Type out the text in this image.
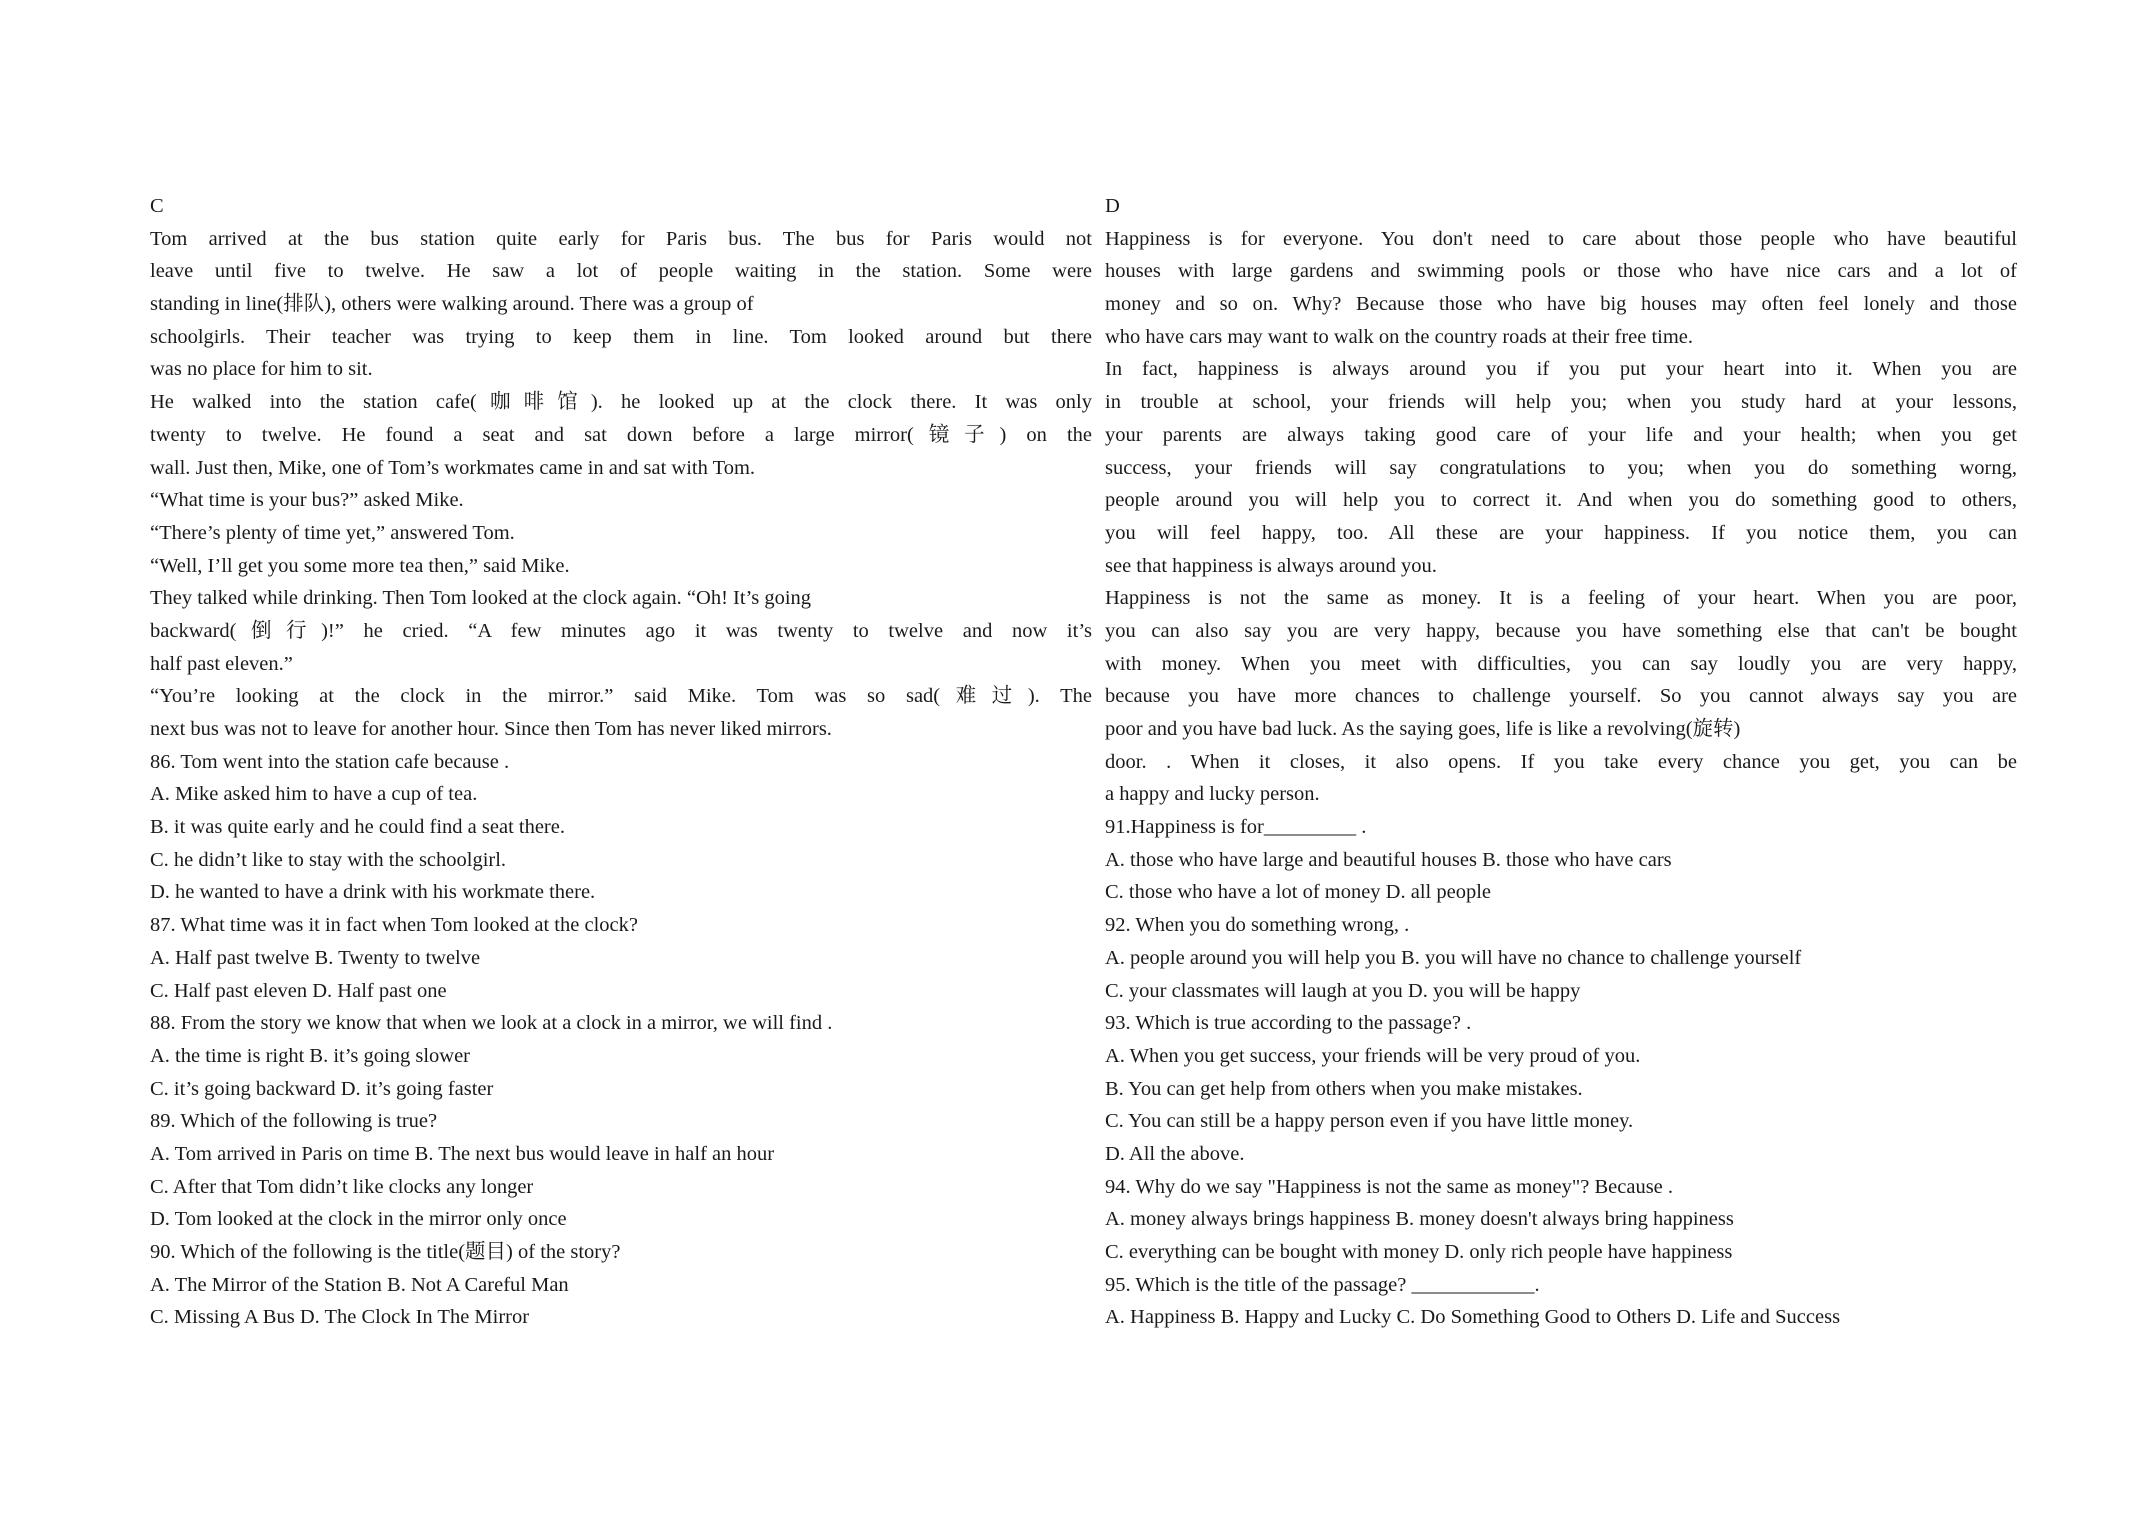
C
Tom arrived at the bus station quite early for Paris bus. The bus for Paris would not
leave until five to twelve. He saw a lot of people waiting in the station. Some were
standing in line(排队), others were walking around. There was a group of
schoolgirls. Their teacher was trying to keep them in line. Tom looked around but there
was no place for him to sit.
He walked into the station cafe(咖啡馆). he looked up at the clock there. It was only
twenty to twelve. He found a seat and sat down before a large mirror(镜子) on the
wall. Just then, Mike, one of Tom’s workmates came in and sat with Tom.
“What time is your bus?” asked Mike.
“There’s plenty of time yet,” answered Tom.
“Well, I’ll get you some more tea then,” said Mike.
They talked while drinking. Then Tom looked at the clock again. “Oh! It’s going
backward(倒行)!” he cried. “A few minutes ago it was twenty to twelve and now it’s
half past eleven.”
“You’re looking at the clock in the mirror.” said Mike. Tom was so sad(难过). The
next bus was not to leave for another hour. Since then Tom has never liked mirrors.
86. Tom went into the station cafe because .
A. Mike asked him to have a cup of tea.
B. it was quite early and he could find a seat there.
C. he didn’t like to stay with the schoolgirl.
D. he wanted to have a drink with his workmate there.
87. What time was it in fact when Tom looked at the clock?
A. Half past twelve B. Twenty to twelve
C. Half past eleven D. Half past one
88. From the story we know that when we look at a clock in a mirror, we will find .
A. the time is right B. it’s going slower
C. it’s going backward D. it’s going faster
89. Which of the following is true?
A. Tom arrived in Paris on time B. The next bus would leave in half an hour
C. After that Tom didn’t like clocks any longer
D. Tom looked at the clock in the mirror only once
90. Which of the following is the title(题目) of the story?
A. The Mirror of the Station B. Not A Careful Man
C. Missing A Bus D. The Clock In The Mirror
D
Happiness is for everyone. You don't need to care about those people who have beautiful
houses with large gardens and swimming pools or those who have nice cars and a lot of
money and so on. Why? Because those who have big houses may often feel lonely and those
who have cars may want to walk on the country roads at their free time.
In fact, happiness is always around you if you put your heart into it. When you are
in trouble at school, your friends will help you; when you study hard at your lessons,
your parents are always taking good care of your life and your health; when you get
success, your friends will say congratulations to you; when you do something worng,
people around you will help you to correct it. And when you do something good to others,
you will feel happy, too. All these are your happiness. If you notice them, you can
see that happiness is always around you.
Happiness is not the same as money. It is a feeling of your heart. When you are poor,
you can also say you are very happy, because you have something else that can't be bought
with money. When you meet with difficulties, you can say loudly you are very happy,
because you have more chances to challenge yourself. So you cannot always say you are
poor and you have bad luck. As the saying goes, life is like a revolving(旋转)
door. . When it closes, it also opens. If you take every chance you get, you can be
a happy and lucky person.
91.Happiness is for_________ .
A. those who have large and beautiful houses B. those who have cars
C. those who have a lot of money D. all people
92. When you do something wrong, .
A. people around you will help you B. you will have no chance to challenge yourself
C. your classmates will laugh at you D. you will be happy
93. Which is true according to the passage? .
A. When you get success, your friends will be very proud of you.
B. You can get help from others when you make mistakes.
C. You can still be a happy person even if you have little money.
D. All the above.
94. Why do we say "Happiness is not the same as money"? Because .
A. money always brings happiness B. money doesn't always bring happiness
C. everything can be bought with money D. only rich people have happiness
95. Which is the title of the passage? ____________.
A. Happiness B. Happy and Lucky C. Do Something Good to Others D. Life and Success
